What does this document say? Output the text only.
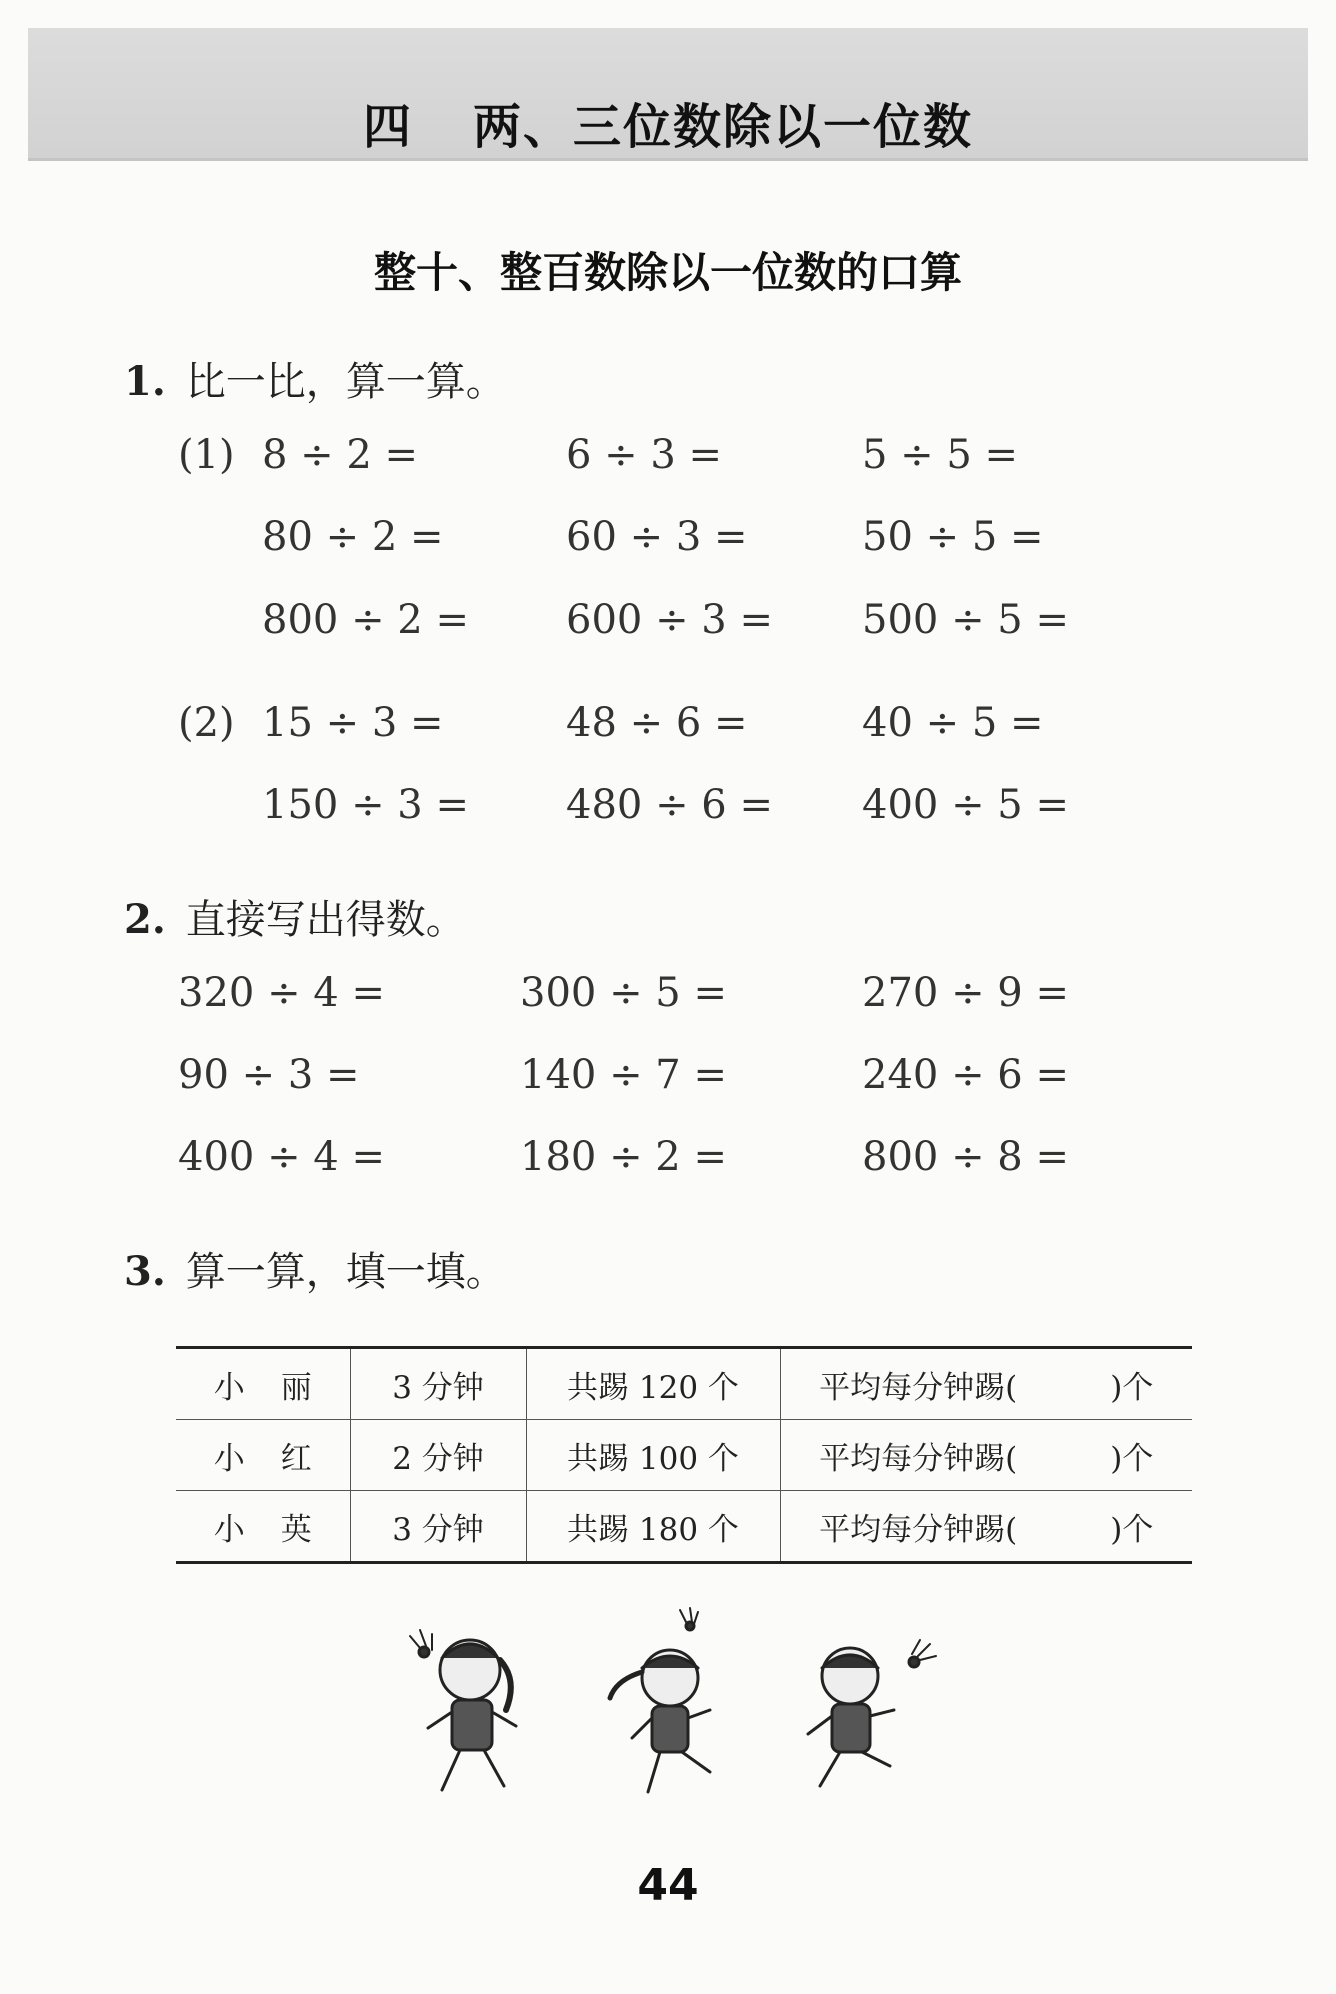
四 两、三位数除以一位数
整十、整百数除以一位数的口算
1. 比一比，算一算。
(1) 8 ÷ 2 =	6 ÷ 3 =	5 ÷ 5 =
80 ÷ 2 =	60 ÷ 3 =	50 ÷ 5 =
800 ÷ 2 = 600 ÷ 3 = 500 ÷ 5 =
(2) 15 ÷ 3 =	48 ÷ 6 =	40 ÷ 5 =
150 ÷ 3 = 480 ÷ 6 = 400 ÷ 5 =
2. 直接写出得数。
320 ÷ 4 =	300 ÷ 5 =	270 ÷ 9 =
90 ÷ 3 =	140 ÷ 7 =	240 ÷ 6 =
400 ÷ 4 =	180 ÷ 2 =	800 ÷ 8 =
3. 算一算，填一填。
小丽	3 分钟	共踢 120 个	平均每分钟踢(　　　)个
小红	2 分钟	共踢 100 个	平均每分钟踢(　　　)个
小英	3 分钟	共踢 180 个	平均每分钟踢(　　　)个
44
